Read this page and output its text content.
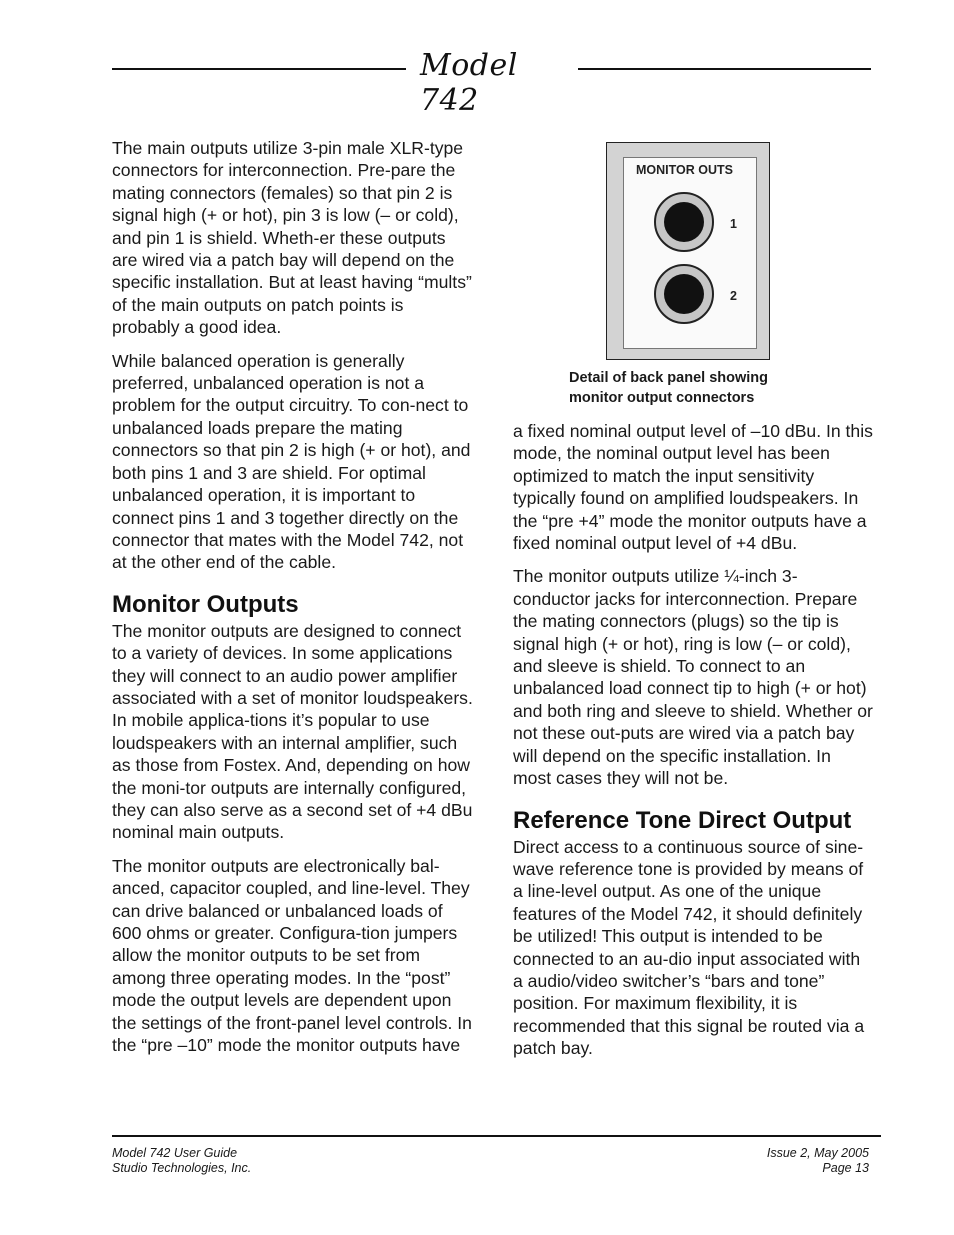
Model 742

The main outputs utilize 3-pin male XLR-type connectors for interconnection. Pre-pare the mating connectors (females) so that pin 2 is signal high (+ or hot), pin 3 is low (– or cold), and pin 1 is shield. Wheth-er these outputs are wired via a patch bay will depend on the specific installation. But at least having “mults” of the main outputs on patch points is probably a good idea.

While balanced operation is generally preferred, unbalanced operation is not a problem for the output circuitry. To con-nect to unbalanced loads prepare the mating connectors so that pin 2 is high (+ or hot), and both pins 1 and 3 are shield. For optimal unbalanced operation, it is important to connect pins 1 and 3 together directly on the connector that mates with the Model 742, not at the other end of the cable.

Monitor Outputs

The monitor outputs are designed to connect to a variety of devices. In some applications they will connect to an audio power amplifier associated with a set of monitor loudspeakers. In mobile applica-tions it’s popular to use loudspeakers with an internal amplifier, such as those from Fostex. And, depending on how the moni-tor outputs are internally configured, they can also serve as a second set of +4 dBu nominal main outputs.

The monitor outputs are electronically bal-anced, capacitor coupled, and line-level. They can drive balanced or unbalanced loads of 600 ohms or greater. Configura-tion jumpers allow the monitor outputs to be set from among three operating modes. In the “post” mode the output levels are dependent upon the settings of the front-panel level controls. In the “pre –10” mode the monitor outputs have

MONITOR OUTS
1
2
Detail of back panel showing
monitor output connectors

a fixed nominal output level of –10 dBu. In this mode, the nominal output level has been optimized to match the input sensitivity typically found on amplified loudspeakers. In the “pre +4” mode the monitor outputs have a fixed nominal output level of +4 dBu.

The monitor outputs utilize ¼-inch 3-conductor jacks for interconnection. Prepare the mating connectors (plugs) so the tip is signal high (+ or hot), ring is low (– or cold), and sleeve is shield. To connect to an unbalanced load connect tip to high (+ or hot) and both ring and sleeve to shield. Whether or not these out-puts are wired via a patch bay will depend on the specific installation. In most cases they will not be.

Reference Tone Direct Output

Direct access to a continuous source of sine-wave reference tone is provided by means of a line-level output. As one of the unique features of the Model 742, it should definitely be utilized! This output is intended to be connected to an au-dio input associated with a audio/video switcher’s “bars and tone” position. For maximum flexibility, it is recommended that this signal be routed via a patch bay.

Model 742 User Guide
Studio Technologies, Inc.
Issue 2, May 2005
Page 13
